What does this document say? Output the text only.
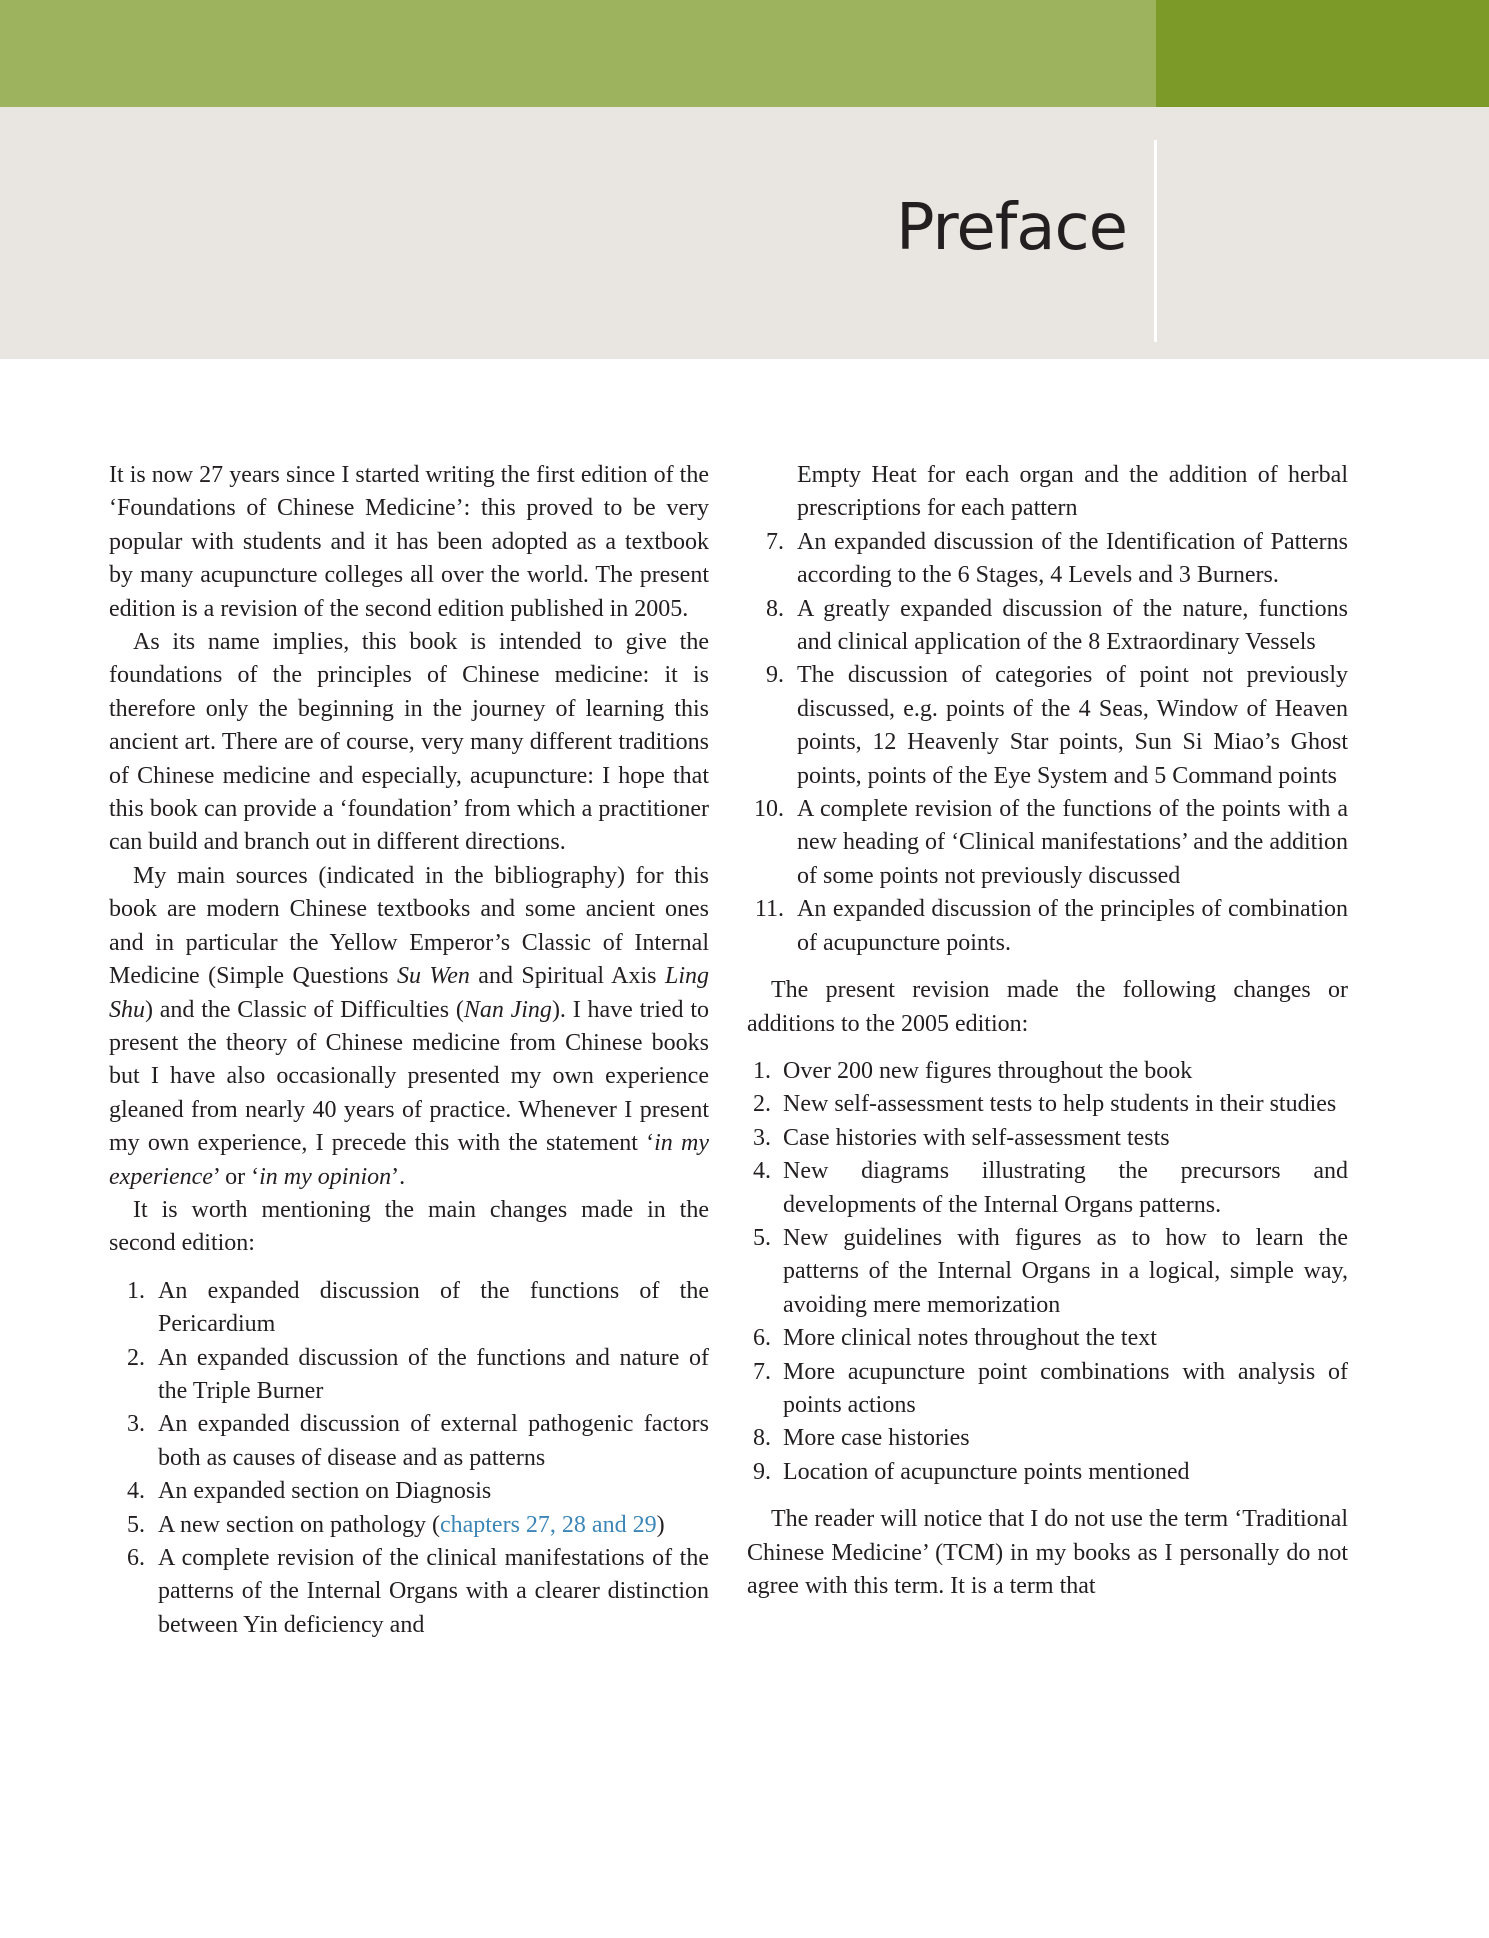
Preface

It is now 27 years since I started writing the first edition of the ‘Foundations of Chinese Medicine’: this proved to be very popular with students and it has been adopted as a textbook by many acupuncture colleges all over the world. The present edition is a revision of the second edition published in 2005.

As its name implies, this book is intended to give the foundations of the principles of Chinese medicine: it is therefore only the beginning in the journey of learning this ancient art. There are of course, very many different traditions of Chinese medicine and especially, acupuncture: I hope that this book can provide a ‘foundation’ from which a practitioner can build and branch out in different directions.

My main sources (indicated in the bibliography) for this book are modern Chinese textbooks and some ancient ones and in particular the Yellow Emperor’s Classic of Internal Medicine (Simple Questions Su Wen and Spiritual Axis Ling Shu) and the Classic of Difficulties (Nan Jing). I have tried to present the theory of Chinese medicine from Chinese books but I have also occasionally presented my own experience gleaned from nearly 40 years of practice. Whenever I present my own experience, I precede this with the statement ‘in my experience’ or ‘in my opinion’.

It is worth mentioning the main changes made in the second edition:

1. An expanded discussion of the functions of the Pericardium
2. An expanded discussion of the functions and nature of the Triple Burner
3. An expanded discussion of external pathogenic factors both as causes of disease and as patterns
4. An expanded section on Diagnosis
5. A new section on pathology (chapters 27, 28 and 29)
6. A complete revision of the clinical manifestations of the patterns of the Internal Organs with a clearer distinction between Yin deficiency and
Empty Heat for each organ and the addition of herbal prescriptions for each pattern
7. An expanded discussion of the Identification of Patterns according to the 6 Stages, 4 Levels and 3 Burners.
8. A greatly expanded discussion of the nature, functions and clinical application of the 8 Extraordinary Vessels
9. The discussion of categories of point not previously discussed, e.g. points of the 4 Seas, Window of Heaven points, 12 Heavenly Star points, Sun Si Miao’s Ghost points, points of the Eye System and 5 Command points
10. A complete revision of the functions of the points with a new heading of ‘Clinical manifestations’ and the addition of some points not previously discussed
11. An expanded discussion of the principles of combination of acupuncture points.

The present revision made the following changes or additions to the 2005 edition:

1. Over 200 new figures throughout the book
2. New self-assessment tests to help students in their studies
3. Case histories with self-assessment tests
4. New diagrams illustrating the precursors and developments of the Internal Organs patterns.
5. New guidelines with figures as to how to learn the patterns of the Internal Organs in a logical, simple way, avoiding mere memorization
6. More clinical notes throughout the text
7. More acupuncture point combinations with analysis of points actions
8. More case histories
9. Location of acupuncture points mentioned

The reader will notice that I do not use the term ‘Traditional Chinese Medicine’ (TCM) in my books as I personally do not agree with this term. It is a term that
